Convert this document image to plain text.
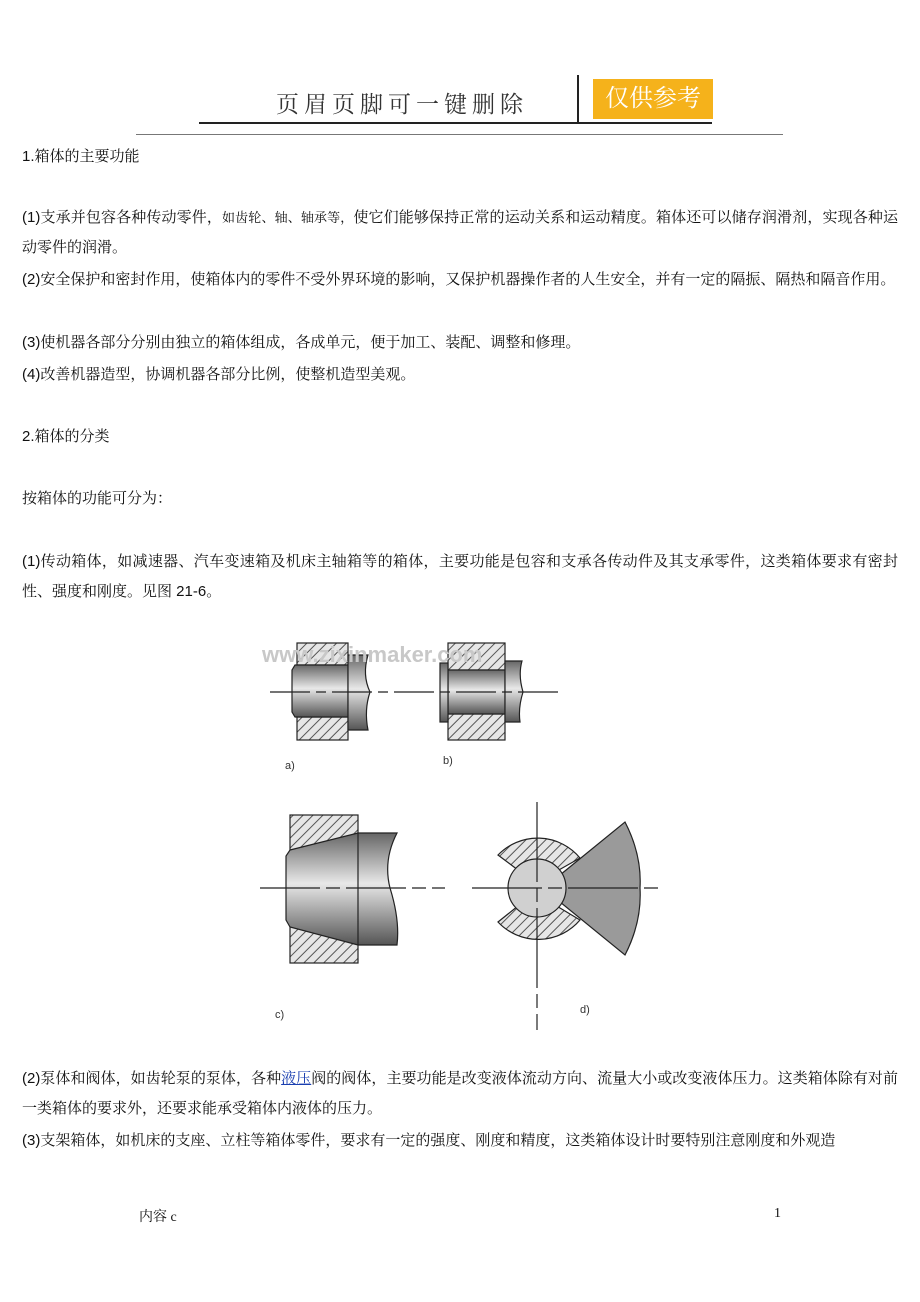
页眉页脚可一键删除	仅供参考
1.箱体的主要功能
(1)支承并包容各种传动零件，如齿轮、轴、轴承等，使它们能够保持正常的运动关系和运动精度。箱体还可以储存润滑剂，实现各种运动零件的润滑。
(2)安全保护和密封作用，使箱体内的零件不受外界环境的影响，又保护机器操作者的人生安全，并有一定的隔振、隔热和隔音作用。
(3)使机器各部分分别由独立的箱体组成，各成单元，便于加工、装配、调整和修理。
(4)改善机器造型，协调机器各部分比例，使整机造型美观。
2.箱体的分类
按箱体的功能可分为：
(1)传动箱体，如减速器、汽车变速箱及机床主轴箱等的箱体，主要功能是包容和支承各传动件及其支承零件，这类箱体要求有密封性、强度和刚度。见图 21-6。
www.zixinmaker.com
a)	b)
c)	d)
(2)泵体和阀体，如齿轮泵的泵体，各种液压阀的阀体，主要功能是改变液体流动方向、流量大小或改变液体压力。这类箱体除有对前一类箱体的要求外，还要求能承受箱体内液体的压力。
(3)支架箱体，如机床的支座、立柱等箱体零件，要求有一定的强度、刚度和精度，这类箱体设计时要特别注意刚度和外观造
内容 c	1
